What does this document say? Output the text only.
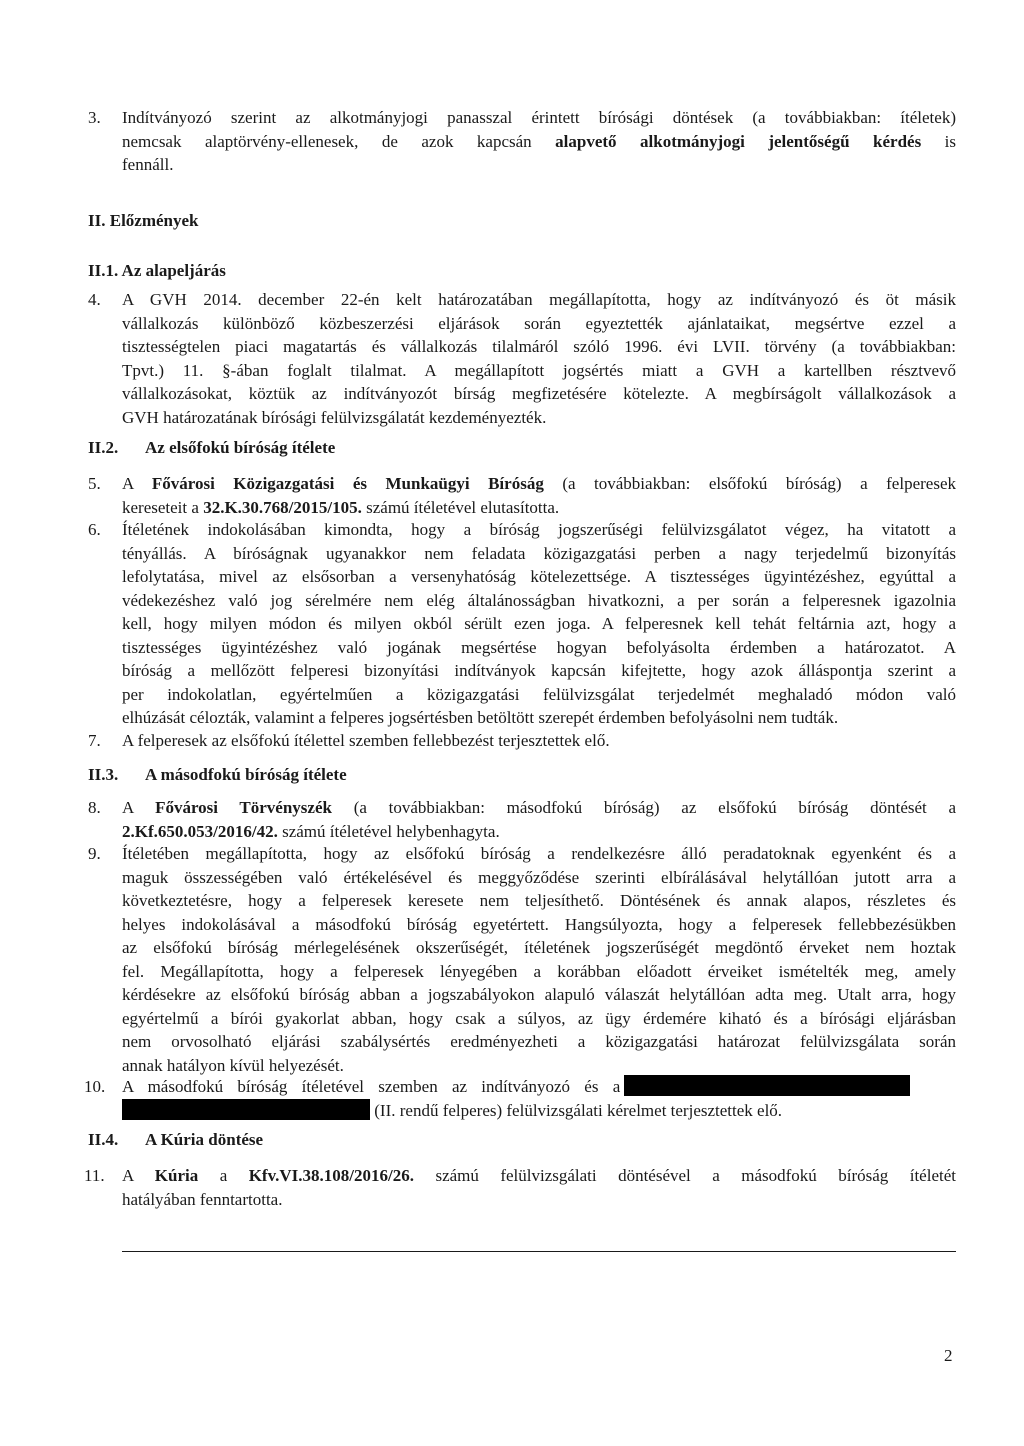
3. Indítványozó szerint az alkotmányjogi panasszal érintett bírósági döntések (a továbbiakban: ítéletek)
nemcsak alaptörvény-ellenesek, de azok kapcsán alapvető alkotmányjogi jelentőségű kérdés is
fennáll.
II. Előzmények
II.1. Az alapeljárás
4. A GVH 2014. december 22-én kelt határozatában megállapította, hogy az indítványozó és öt másik
vállalkozás különböző közbeszerzési eljárások során egyeztették ajánlataikat, megsértve ezzel a
tisztességtelen piaci magatartás és vállalkozás tilalmáról szóló 1996. évi LVII. törvény (a továbbiakban:
Tpvt.) 11. §-ában foglalt tilalmat. A megállapított jogsértés miatt a GVH a kartellben résztvevő
vállalkozásokat, köztük az indítványozót bírság megfizetésére kötelezte. A megbírságolt vállalkozások a
GVH határozatának bírósági felülvizsgálatát kezdeményezték.
II.2. Az elsőfokú bíróság ítélete
5. A Fővárosi Közigazgatási és Munkaügyi Bíróság (a továbbiakban: elsőfokú bíróság) a felperesek
kereseteit a 32.K.30.768/2015/105. számú ítéletével elutasította.
6. Ítéletének indokolásában kimondta, hogy a bíróság jogszerűségi felülvizsgálatot végez, ha vitatott a
tényállás. A bíróságnak ugyanakkor nem feladata közigazgatási perben a nagy terjedelmű bizonyítás
lefolytatása, mivel az elsősorban a versenyhatóság kötelezettsége. A tisztességes ügyintézéshez, egyúttal a
védekezéshez való jog sérelmére nem elég általánosságban hivatkozni, a per során a felperesnek igazolnia
kell, hogy milyen módon és milyen okból sérült ezen joga. A felperesnek kell tehát feltárnia azt, hogy a
tisztességes ügyintézéshez való jogának megsértése hogyan befolyásolta érdemben a határozatot. A
bíróság a mellőzött felperesi bizonyítási indítványok kapcsán kifejtette, hogy azok álláspontja szerint a
per indokolatlan, egyértelműen a közigazgatási felülvizsgálat terjedelmét meghaladó módon való
elhúzását célozták, valamint a felperes jogsértésben betöltött szerepét érdemben befolyásolni nem tudták.
7. A felperesek az elsőfokú ítélettel szemben fellebbezést terjesztettek elő.
II.3. A másodfokú bíróság ítélete
8. A Fővárosi Törvényszék (a továbbiakban: másodfokú bíróság) az elsőfokú bíróság döntését a
2.Kf.650.053/2016/42. számú ítéletével helybenhagyta.
9. Ítéletében megállapította, hogy az elsőfokú bíróság a rendelkezésre álló peradatoknak egyenként és a
maguk összességében való értékelésével és meggyőződése szerinti elbírálásával helytállóan jutott arra a
következtetésre, hogy a felperesek keresete nem teljesíthető. Döntésének és annak alapos, részletes és
helyes indokolásával a másodfokú bíróság egyetértett. Hangsúlyozta, hogy a felperesek fellebbezésükben
az elsőfokú bíróság mérlegelésének okszerűségét, ítéletének jogszerűségét megdöntő érveket nem hoztak
fel. Megállapította, hogy a felperesek lényegében a korábban előadott érveiket ismételték meg, amely
kérdésekre az elsőfokú bíróság abban a jogszabályokon alapuló válaszát helytállóan adta meg. Utalt arra, hogy
egyértelmű a bírói gyakorlat abban, hogy csak a súlyos, az ügy érdemére kiható és a bírósági eljárásban
nem orvosolható eljárási szabálysértés eredményezheti a közigazgatási határozat felülvizsgálata során
annak hatályon kívül helyezését.
10. A másodfokú bíróság ítéletével szemben az indítványozó és a
(II. rendű felperes) felülvizsgálati kérelmet terjesztettek elő.
II.4. A Kúria döntése
11. A Kúria a Kfv.VI.38.108/2016/26. számú felülvizsgálati döntésével a másodfokú bíróság ítéletét
hatályában fenntartotta.
2
